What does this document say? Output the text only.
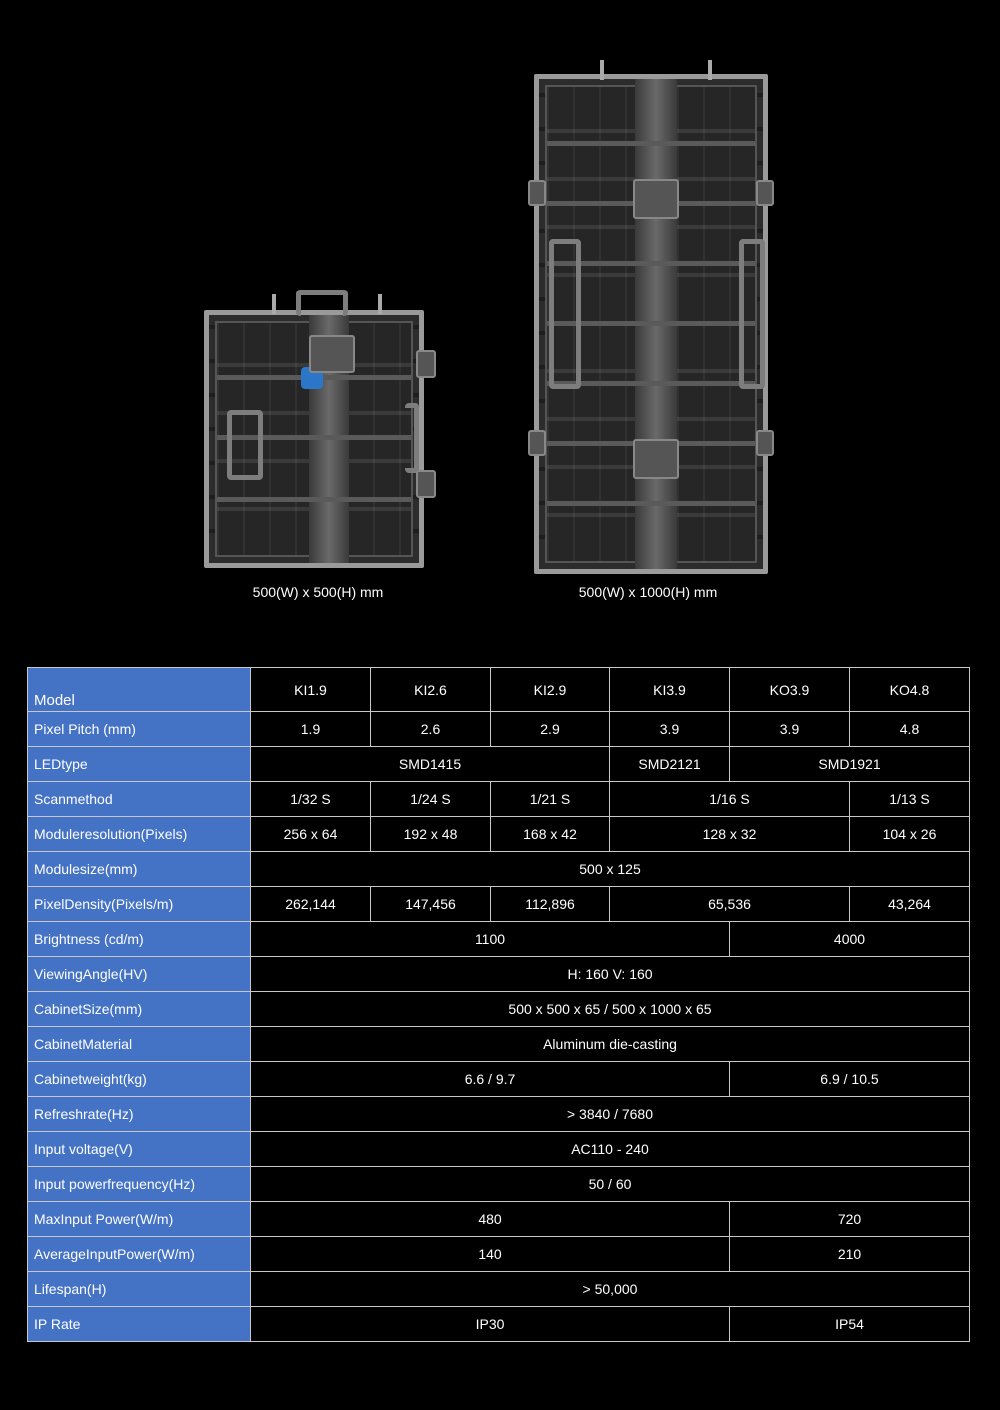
500(W) x 500(H) mm	500(W) x 1000(H) mm
Model	KI1.9	KI2.6	KI2.9	KI3.9	KO3.9	KO4.8
Pixel Pitch (mm)	1.9	2.6	2.9	3.9	3.9	4.8
LEDtype	SMD1415			SMD2121	SMD1921	
Scanmethod	1/32 S	1/24 S	1/21 S	1/16 S		1/13 S
Moduleresolution(Pixels)	256 x 64	192 x 48	168 x 42	128 x 32		104 x 26
Modulesize(mm)	500 x 125					
PixelDensity(Pixels/m)	262,144	147,456	112,896	65,536		43,264
Brightness (cd/m)	1100				4000	
ViewingAngle(HV)	H: 160 V: 160					
CabinetSize(mm)	500 x 500 x 65 / 500 x 1000 x 65					
CabinetMaterial	Aluminum die-casting					
Cabinetweight(kg)	6.6 / 9.7				6.9 / 10.5	
Refreshrate(Hz)	> 3840 / 7680					
Input voltage(V)	AC110 - 240					
Input powerfrequency(Hz)	50 / 60					
MaxInput Power(W/m)	480				720	
AverageInputPower(W/m)	140				210	
Lifespan(H)	> 50,000					
IP Rate	IP30				IP54	
